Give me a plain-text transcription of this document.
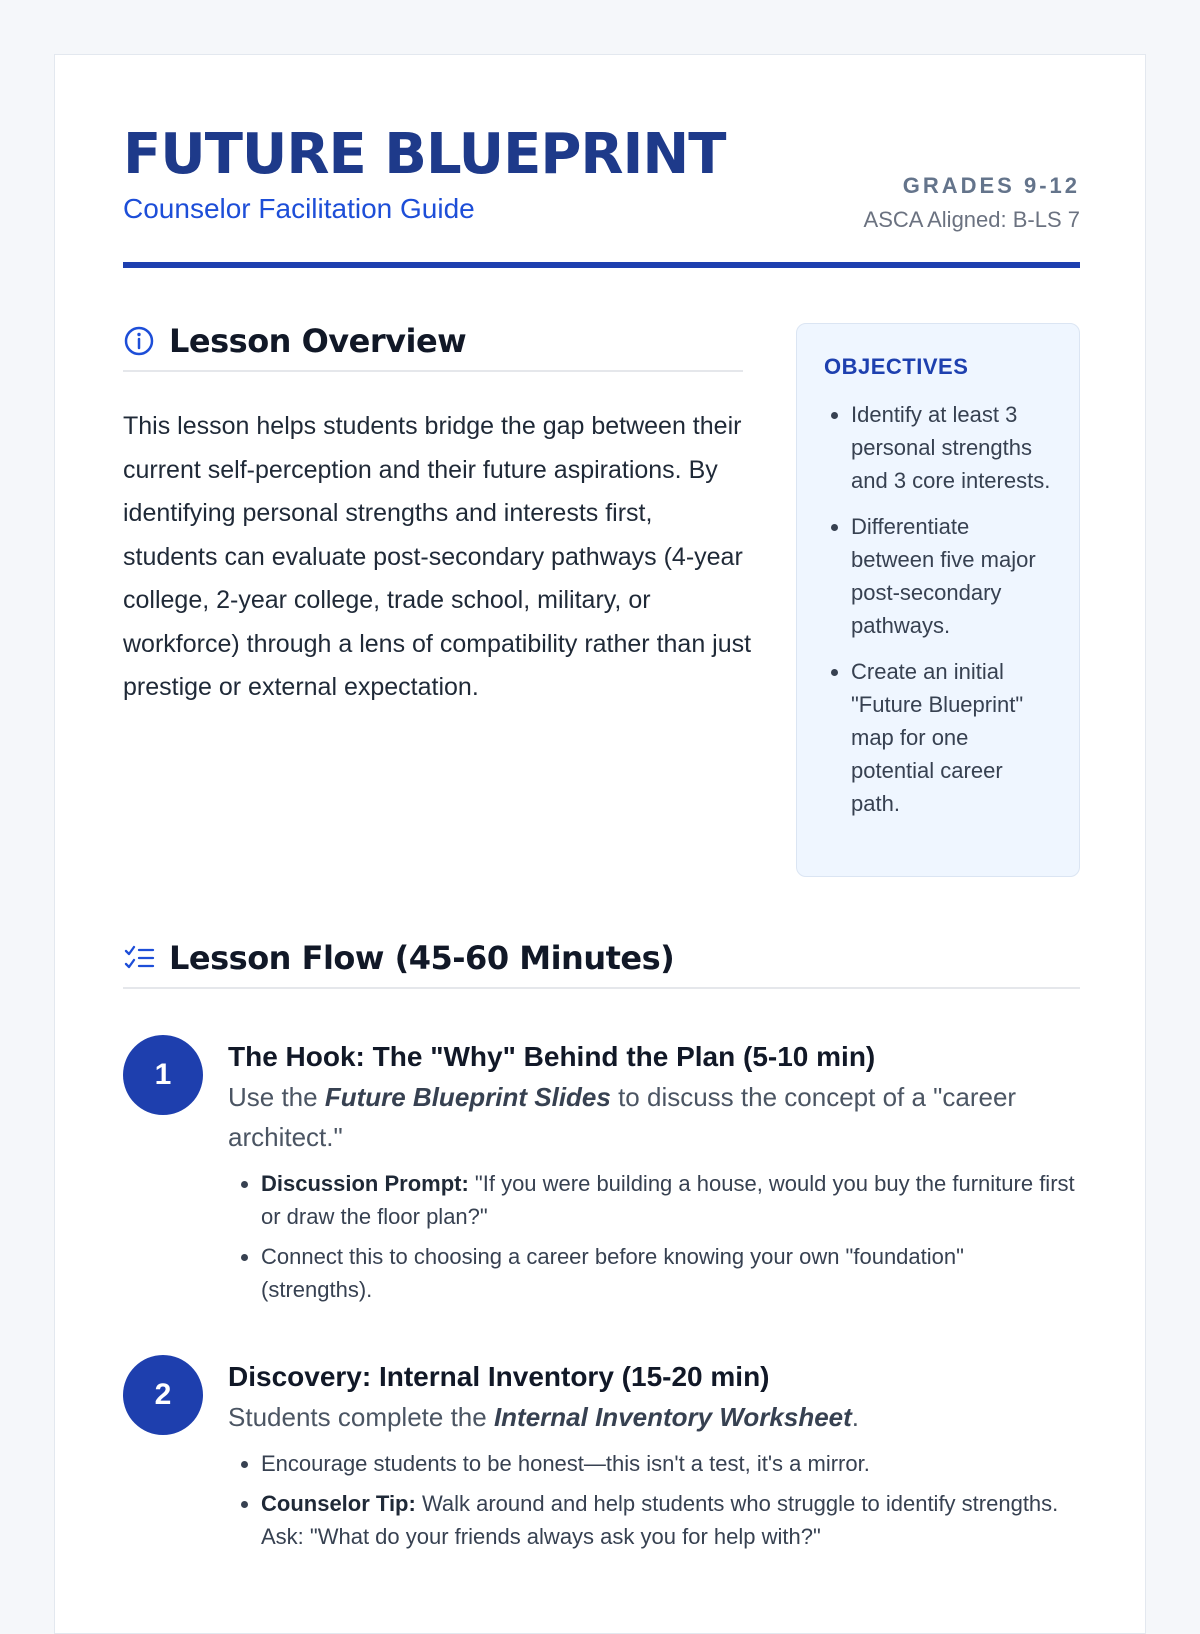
FUTURE BLUEPRINT
Counselor Facilitation Guide
GRADES 9-12
ASCA Aligned: B-LS 7
Lesson Overview

This lesson helps students bridge the gap between their current self-perception and their future aspirations. By identifying personal strengths and interests first, students can evaluate post-secondary pathways (4-year college, 2-year college, trade school, military, or workforce) through a lens of compatibility rather than just prestige or external expectation.

OBJECTIVES
• Identify at least 3 personal strengths and 3 core interests.
• Differentiate between five major post-secondary pathways.
• Create an initial "Future Blueprint" map for one potential career path.
Lesson Flow (45-60 Minutes)
1
The Hook: The "Why" Behind the Plan (5-10 min)
Use the Future Blueprint Slides to discuss the concept of a "career architect."
• Discussion Prompt: "If you were building a house, would you buy the furniture first or draw the floor plan?"
• Connect this to choosing a career before knowing your own "foundation" (strengths).
2
Discovery: Internal Inventory (15-20 min)
Students complete the Internal Inventory Worksheet.
• Encourage students to be honest—this isn't a test, it's a mirror.
• Counselor Tip: Walk around and help students who struggle to identify strengths. Ask: "What do your friends always ask you for help with?"
